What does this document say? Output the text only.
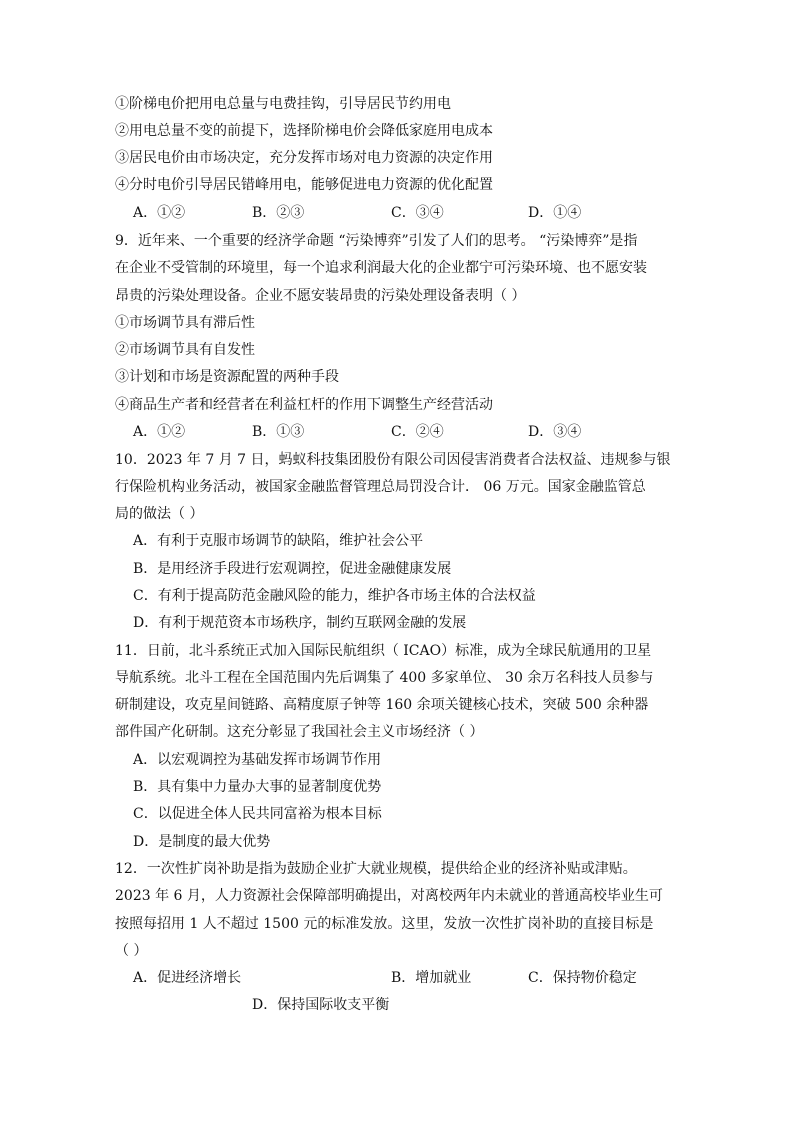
①阶梯电价把用电总量与电费挂钩，引导居民节约用电
②用电总量不变的前提下，选择阶梯电价会降低家庭用电成本
③居民电价由市场决定，充分发挥市场对电力资源的决定作用
④分时电价引导居民错峰用电，能够促进电力资源的优化配置
A．①②	B．②③	C．③④	D．①④
9．近年来、一个重要的经济学命题 “污染博弈”引发了人们的思考。 “污染博弈”是指
在企业不受管制的环境里，每一个追求利润最大化的企业都宁可污染环境、也不愿安装
昂贵的污染处理设备。企业不愿安装昂贵的污染处理设备表明（ ）
①市场调节具有滞后性
②市场调节具有自发性
③计划和市场是资源配置的两种手段
④商品生产者和经营者在利益杠杆的作用下调整生产经营活动
A．①②	B．①③	C．②④	D．③④
10．2023 年 7 月 7 日，蚂蚁科技集团股份有限公司因侵害消费者合法权益、违规参与银
行保险机构业务活动，被国家金融监督管理总局罚没合计． 06 万元。国家金融监管总
局的做法（ ）
A．有利于克服市场调节的缺陷，维护社会公平
B．是用经济手段进行宏观调控，促进金融健康发展
C．有利于提高防范金融风险的能力，维护各市场主体的合法权益
D．有利于规范资本市场秩序，制约互联网金融的发展
11．日前，北斗系统正式加入国际民航组织（ ICAO）标准，成为全球民航通用的卫星
导航系统。北斗工程在全国范围内先后调集了 400 多家单位、 30 余万名科技人员参与
研制建设，攻克星间链路、高精度原子钟等 160 余项关键核心技术，突破 500 余种器
部件国产化研制。这充分彰显了我国社会主义市场经济（ ）
A．以宏观调控为基础发挥市场调节作用
B．具有集中力量办大事的显著制度优势
C．以促进全体人民共同富裕为根本目标
D．是制度的最大优势
12．一次性扩岗补助是指为鼓励企业扩大就业规模，提供给企业的经济补贴或津贴。
2023 年 6 月，人力资源社会保障部明确提出，对离校两年内未就业的普通高校毕业生可
按照每招用 1 人不超过 1500 元的标准发放。这里，发放一次性扩岗补助的直接目标是
（ ）
A．促进经济增长	B．增加就业	C．保持物价稳定
D．保持国际收支平衡
